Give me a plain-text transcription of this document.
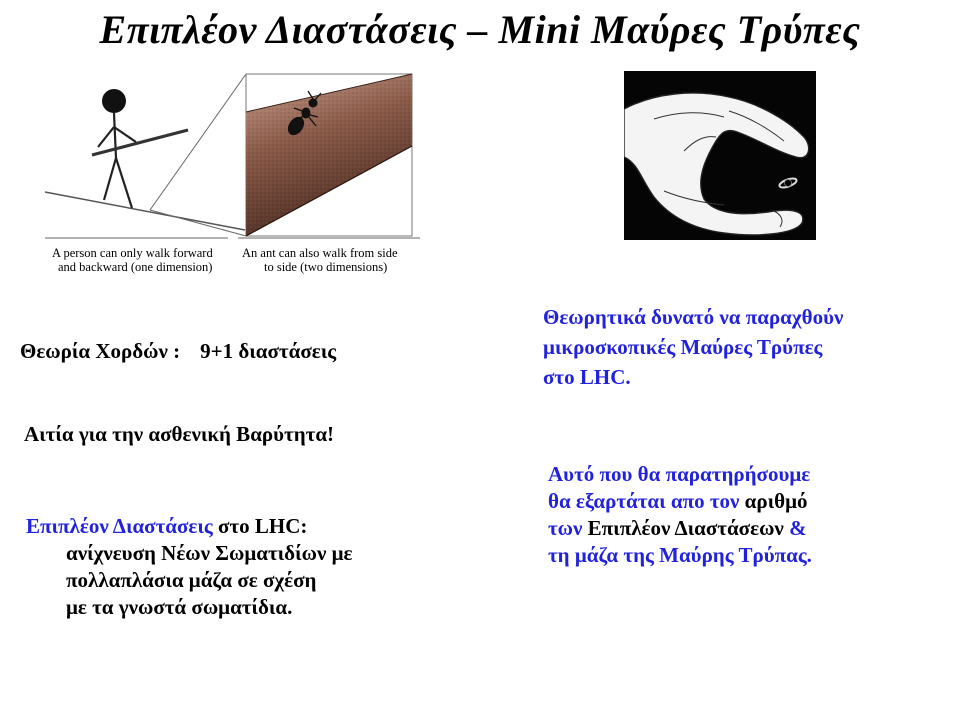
Επιπλέον Διαστάσεις – Mini Μαύρες Τρύπες
A person can only walk forward
and backward (one dimension)
An ant can also walk from side
to side (two dimensions)
Θεωρία Χορδών : 9+1 διαστάσεις
Αιτία για την ασθενική Βαρύτητα!
Επιπλέον Διαστάσεις στο LHC:
ανίχνευση Νέων Σωματιδίων με
πολλαπλάσια μάζα σε σχέση
με τα γνωστά σωματίδια.
Θεωρητικά δυνατό να παραχθούν
μικροσκοπικές Μαύρες Τρύπες
στο LHC.
Αυτό που θα παρατηρήσουμε
θα εξαρτάται απο τον αριθμό
των Επιπλέον Διαστάσεων &
τη μάζα της Μαύρης Τρύπας.
